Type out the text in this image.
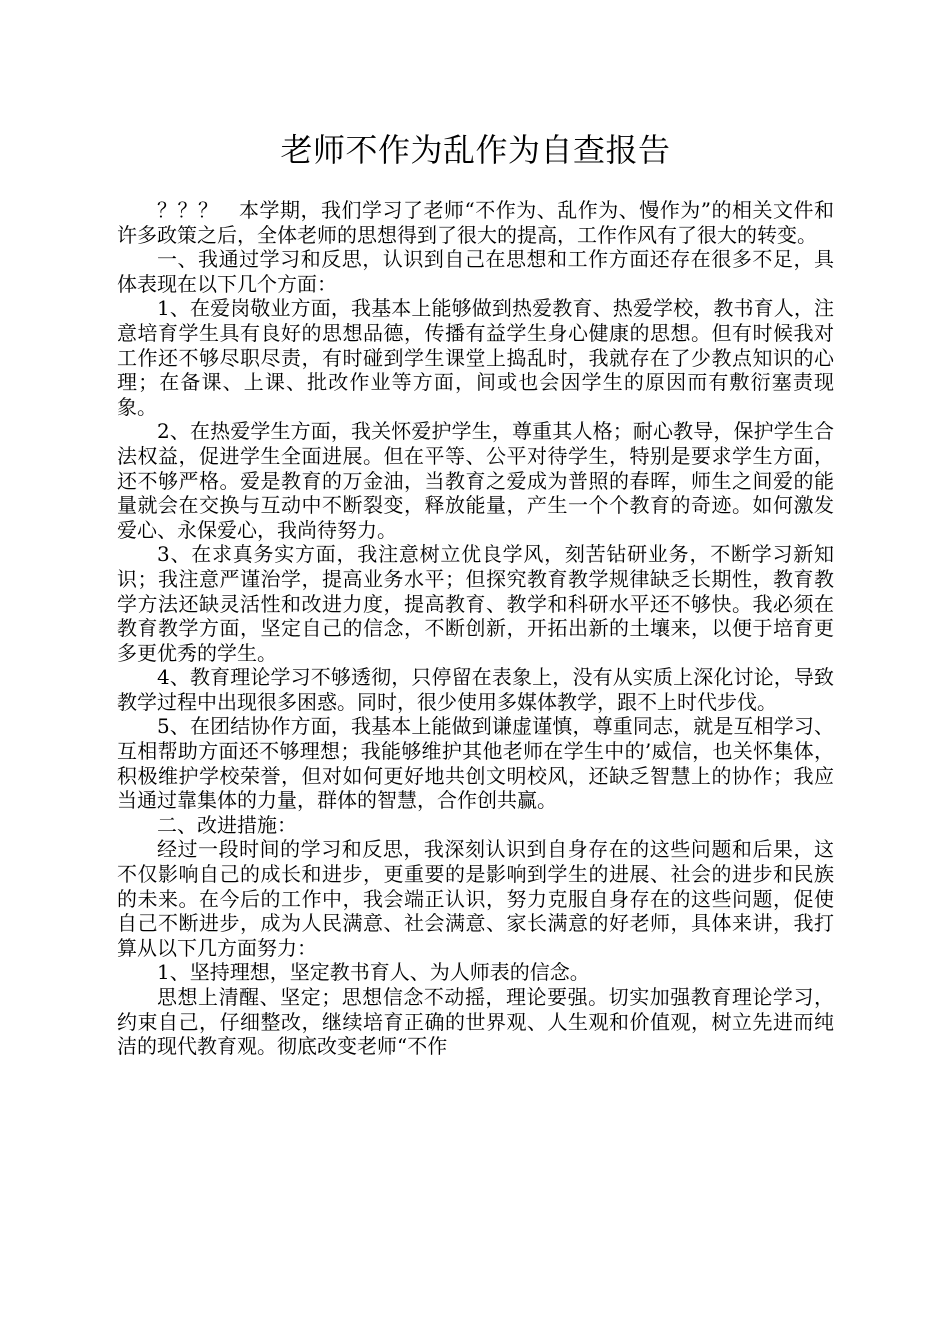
老师不作为乱作为自查报告

？？？　本学期，我们学习了老师“不作为、乱作为、慢作为”的相关文件和许多政策之后，全体老师的思想得到了很大的提高，工作作风有了很大的转变。

一、我通过学习和反思，认识到自己在思想和工作方面还存在很多不足，具体表现在以下几个方面：

1、在爱岗敬业方面，我基本上能够做到热爱教育、热爱学校，教书育人，注意培育学生具有良好的思想品德，传播有益学生身心健康的思想。但有时候我对工作还不够尽职尽责，有时碰到学生课堂上捣乱时，我就存在了少教点知识的心理；在备课、上课、批改作业等方面，间或也会因学生的原因而有敷衍塞责现象。

2、在热爱学生方面，我关怀爱护学生，尊重其人格；耐心教导，保护学生合法权益，促进学生全面进展。但在平等、公平对待学生，特别是要求学生方面，还不够严格。爱是教育的万金油，当教育之爱成为普照的春晖，师生之间爱的能量就会在交换与互动中不断裂变，释放能量，产生一个个教育的奇迹。如何激发爱心、永保爱心，我尚待努力。

3、在求真务实方面，我注意树立优良学风，刻苦钻研业务，不断学习新知识；我注意严谨治学，提高业务水平；但探究教育教学规律缺乏长期性，教育教学方法还缺灵活性和改进力度，提高教育、教学和科研水平还不够快。我必须在教育教学方面，坚定自己的信念，不断创新，开拓出新的土壤来，以便于培育更多更优秀的学生。

4、教育理论学习不够透彻，只停留在表象上，没有从实质上深化讨论，导致教学过程中出现很多困惑。同时，很少使用多媒体教学，跟不上时代步伐。

5、在团结协作方面，我基本上能做到谦虚谨慎，尊重同志，就是互相学习、互相帮助方面还不够理想；我能够维护其他老师在学生中的’威信，也关怀集体，积极维护学校荣誉，但对如何更好地共创文明校风，还缺乏智慧上的协作；我应当通过靠集体的力量，群体的智慧，合作创共赢。

二、改进措施：

经过一段时间的学习和反思，我深刻认识到自身存在的这些问题和后果，这不仅影响自己的成长和进步，更重要的是影响到学生的进展、社会的进步和民族的未来。在今后的工作中，我会端正认识，努力克服自身存在的这些问题，促使自己不断进步，成为人民满意、社会满意、家长满意的好老师，具体来讲，我打算从以下几方面努力：

1、坚持理想，坚定教书育人、为人师表的信念。

思想上清醒、坚定；思想信念不动摇，理论要强。切实加强教育理论学习，约束自己，仔细整改，继续培育正确的世界观、人生观和价值观，树立先进而纯洁的现代教育观。彻底改变老师“不作
